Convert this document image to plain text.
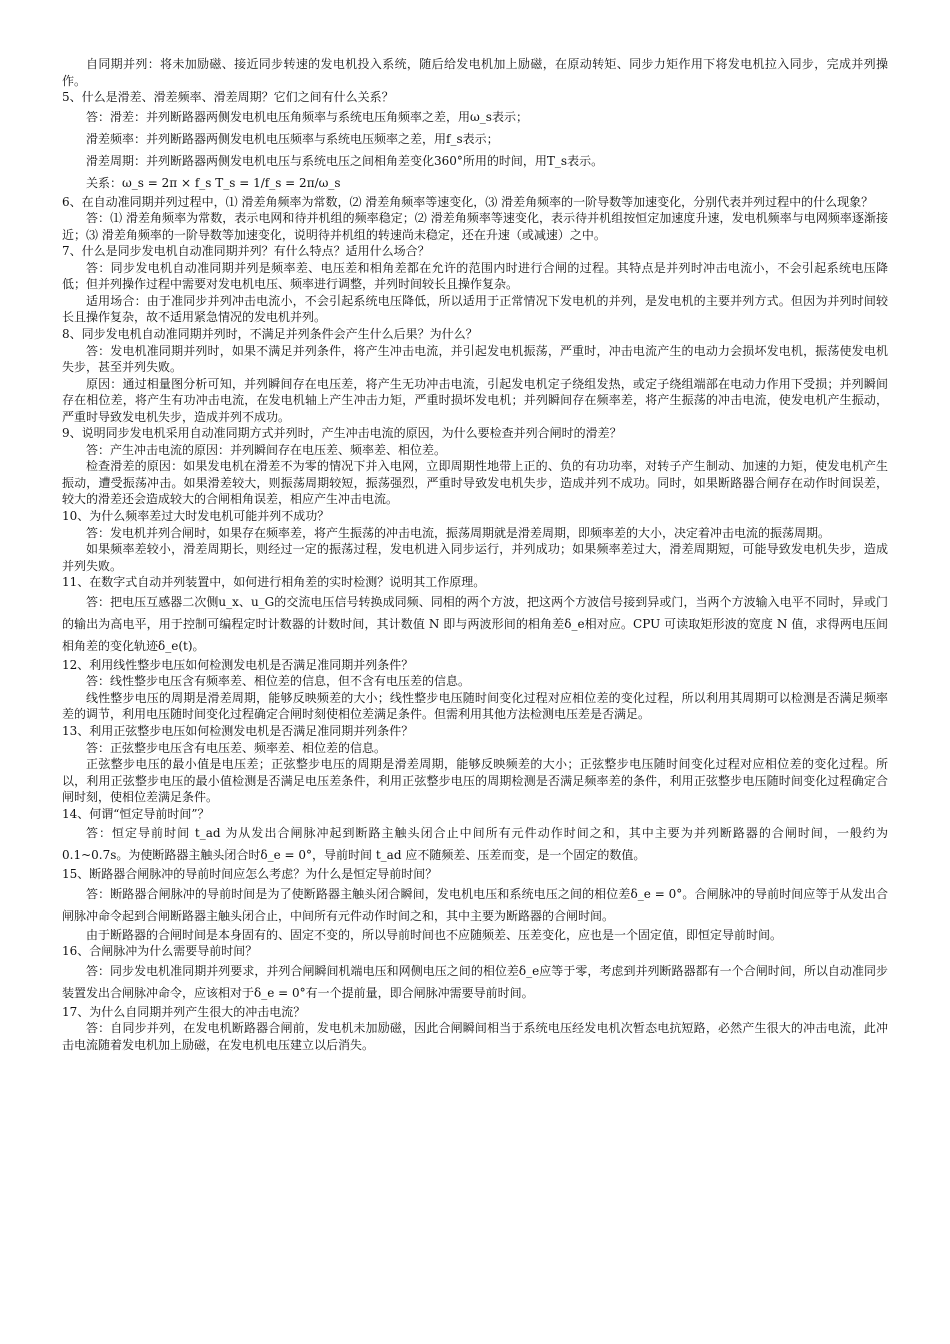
自同期并列：将未加励磁、接近同步转速的发电机投入系统，随后给发电机加上励磁，在原动转矩、同步力矩作用下将发电机拉入同步，完成并列操作。

5、什么是滑差、滑差频率、滑差周期？它们之间有什么关系？

答：滑差：并列断路器两侧发电机电压角频率与系统电压角频率之差，用ω_s表示；

滑差频率：并列断路器两侧发电机电压频率与系统电压频率之差，用f_s表示；

滑差周期：并列断路器两侧发电机电压与系统电压之间相角差变化360°所用的时间，用T_s表示。

关系：ω_s = 2π × f_s T_s = 1/f_s = 2π/ω_s

6、在自动准同期并列过程中，⑴ 滑差角频率为常数，⑵ 滑差角频率等速变化，⑶ 滑差角频率的一阶导数等加速变化，分别代表并列过程中的什么现象？

答：⑴ 滑差角频率为常数，表示电网和待并机组的频率稳定；⑵ 滑差角频率等速变化，表示待并机组按恒定加速度升速，发电机频率与电网频率逐渐接近；⑶ 滑差角频率的一阶导数等加速变化，说明待并机组的转速尚未稳定，还在升速（或减速）之中。

7、什么是同步发电机自动准同期并列？有什么特点？适用什么场合？

答：同步发电机自动准同期并列是频率差、电压差和相角差都在允许的范围内时进行合闸的过程。其特点是并列时冲击电流小，不会引起系统电压降低；但并列操作过程中需要对发电机电压、频率进行调整，并列时间较长且操作复杂。

适用场合：由于准同步并列冲击电流小，不会引起系统电压降低，所以适用于正常情况下发电机的并列，是发电机的主要并列方式。但因为并列时间较长且操作复杂，故不适用紧急情况的发电机并列。

8、同步发电机自动准同期并列时，不满足并列条件会产生什么后果？为什么？

答：发电机准同期并列时，如果不满足并列条件，将产生冲击电流，并引起发电机振荡，严重时，冲击电流产生的电动力会损坏发电机，振荡使发电机失步，甚至并列失败。

原因：通过相量图分析可知，并列瞬间存在电压差，将产生无功冲击电流，引起发电机定子绕组发热，或定子绕组端部在电动力作用下受损；并列瞬间存在相位差，将产生有功冲击电流，在发电机轴上产生冲击力矩，严重时损坏发电机；并列瞬间存在频率差，将产生振荡的冲击电流，使发电机产生振动，严重时导致发电机失步，造成并列不成功。

9、说明同步发电机采用自动准同期方式并列时，产生冲击电流的原因，为什么要检查并列合闸时的滑差？

答：产生冲击电流的原因：并列瞬间存在电压差、频率差、相位差。

检查滑差的原因：如果发电机在滑差不为零的情况下并入电网，立即周期性地带上正的、负的有功功率，对转子产生制动、加速的力矩，使发电机产生振动，遭受振荡冲击。如果滑差较大，则振荡周期较短，振荡强烈，严重时导致发电机失步，造成并列不成功。同时，如果断路器合闸存在动作时间误差，较大的滑差还会造成较大的合闸相角误差，相应产生冲击电流。

10、为什么频率差过大时发电机可能并列不成功？

答：发电机并列合闸时，如果存在频率差，将产生振荡的冲击电流，振荡周期就是滑差周期，即频率差的大小，决定着冲击电流的振荡周期。

如果频率差较小，滑差周期长，则经过一定的振荡过程，发电机进入同步运行，并列成功；如果频率差过大，滑差周期短，可能导致发电机失步，造成并列失败。

11、在数字式自动并列装置中，如何进行相角差的实时检测？说明其工作原理。

答：把电压互感器二次侧u_x、u_G的交流电压信号转换成同频、同相的两个方波，把这两个方波信号接到异或门，当两个方波输入电平不同时，异或门的输出为高电平，用于控制可编程定时计数器的计数时间，其计数值 N 即与两波形间的相角差δ_e相对应。CPU 可读取矩形波的宽度 N 值，求得两电压间相角差的变化轨迹δ_e(t)。

12、利用线性整步电压如何检测发电机是否满足准同期并列条件？

答：线性整步电压含有频率差、相位差的信息，但不含有电压差的信息。

线性整步电压的周期是滑差周期，能够反映频差的大小；线性整步电压随时间变化过程对应相位差的变化过程，所以利用其周期可以检测是否满足频率差的调节，利用电压随时间变化过程确定合闸时刻使相位差满足条件。但需利用其他方法检测电压差是否满足。

13、利用正弦整步电压如何检测发电机是否满足准同期并列条件？

答：正弦整步电压含有电压差、频率差、相位差的信息。

正弦整步电压的最小值是电压差；正弦整步电压的周期是滑差周期，能够反映频差的大小；正弦整步电压随时间变化过程对应相位差的变化过程。所以，利用正弦整步电压的最小值检测是否满足电压差条件，利用正弦整步电压的周期检测是否满足频率差的条件，利用正弦整步电压随时间变化过程确定合闸时刻，使相位差满足条件。

14、何谓“恒定导前时间”？

答：恒定导前时间 t_ad 为从发出合闸脉冲起到断路主触头闭合止中间所有元件动作时间之和，其中主要为并列断路器的合闸时间，一般约为 0.1~0.7s。为使断路器主触头闭合时δ_e = 0°，导前时间 t_ad 应不随频差、压差而变，是一个固定的数值。

15、断路器合闸脉冲的导前时间应怎么考虑？为什么是恒定导前时间？

答：断路器合闸脉冲的导前时间是为了使断路器主触头闭合瞬间，发电机电压和系统电压之间的相位差δ_e = 0°。合闸脉冲的导前时间应等于从发出合闸脉冲命令起到合闸断路器主触头闭合止，中间所有元件动作时间之和，其中主要为断路器的合闸时间。

由于断路器的合闸时间是本身固有的、固定不变的，所以导前时间也不应随频差、压差变化，应也是一个固定值，即恒定导前时间。

16、合闸脉冲为什么需要导前时间？

答：同步发电机准同期并列要求，并列合闸瞬间机端电压和网侧电压之间的相位差δ_e应等于零，考虑到并列断路器都有一个合闸时间，所以自动准同步装置发出合闸脉冲命令，应该相对于δ_e = 0°有一个提前量，即合闸脉冲需要导前时间。

17、为什么自同期并列产生很大的冲击电流？

答：自同步并列，在发电机断路器合闸前，发电机未加励磁，因此合闸瞬间相当于系统电压经发电机次暂态电抗短路，必然产生很大的冲击电流，此冲击电流随着发电机加上励磁，在发电机电压建立以后消失。
